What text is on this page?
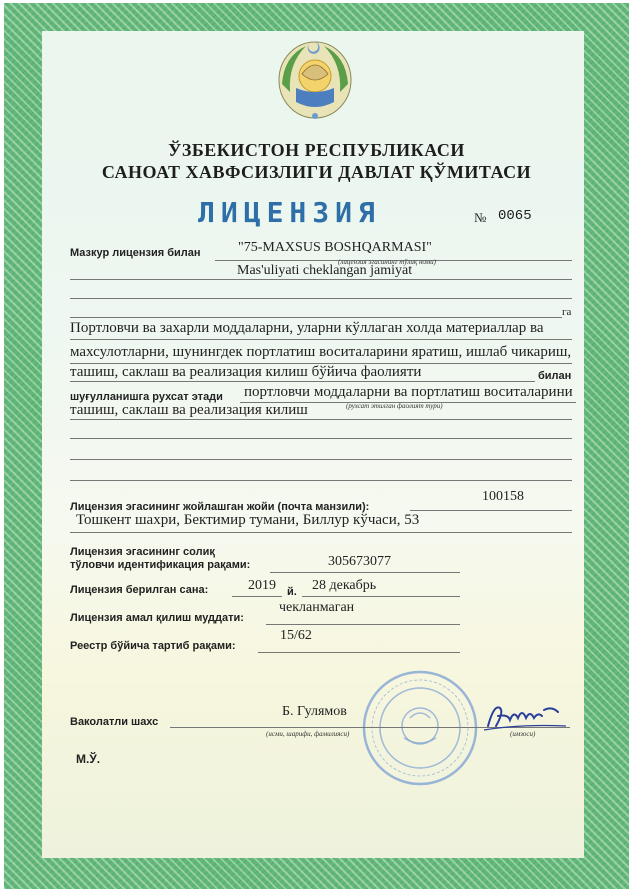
ЎЗБЕКИСТОН РЕСПУБЛИКАСИ
САНОАТ ХАВФСИЗЛИГИ ДАВЛАТ ҚЎМИТАСИ
ЛИЦЕНЗИЯ	№ 0065
Мазкур лицензия билан	"75-MAXSUS BOSHQARMASI"
(лицензия эгасининг тўлиқ номи)
Mas'uliyati cheklangan jamiyat
га
Портловчи ва захарли моддаларни, уларни кўллаган холда материаллар ва
махсулотларни, шунингдек портлатиш воситаларини яратиш, ишлаб чикариш,
ташиш, саклаш ва реализация килиш бўйича фаолияти	билан
шуғулланишга рухсат этади портловчи моддаларни ва портлатиш воситаларини
(рухсат этилган фаолият тури)
ташиш, саклаш ва реализация килиш
Лицензия эгасининг жойлашган жойи (почта манзили):
100158
Тошкент шахри, Бектимир тумани, Биллур кўчаси, 53
Лицензия эгасининг солиқ
тўловчи идентификация рақами:	305673077
Лицензия берилган сана:	2019 й. 28 декабрь
Лицензия амал қилиш муддати:
чекланмаган
Реестр бўйича тартиб рақами:
15/62
Ваколатли шахс
Б. Гулямов
(исми, шарифи, фамилияси)	(имзоси)
М.Ў.
